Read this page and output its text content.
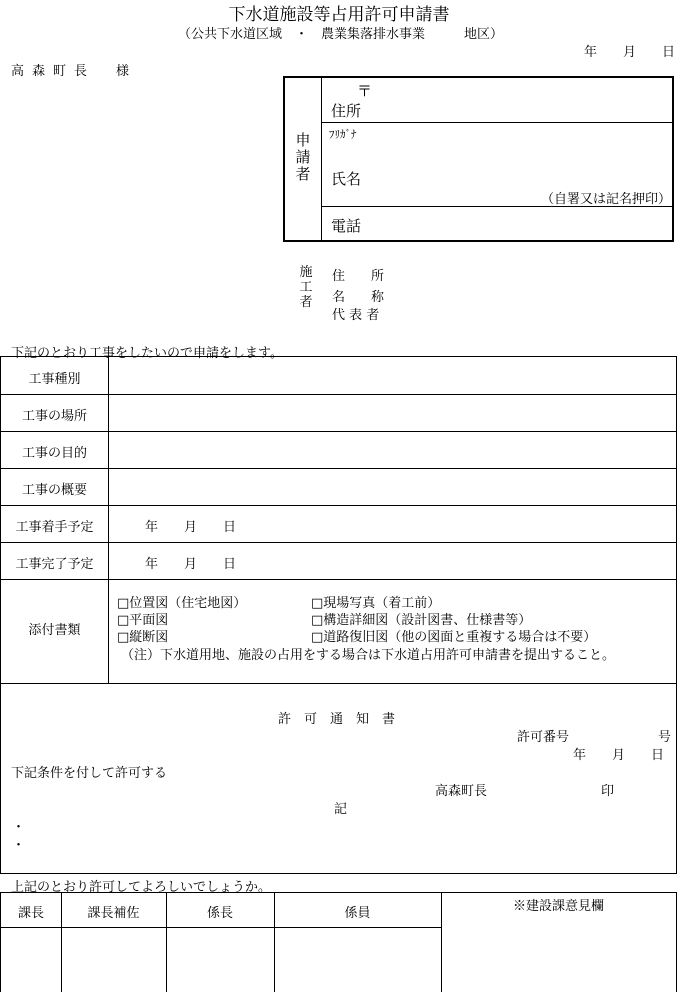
下水道施設等占用許可申請書
（公共下水道区域　・　農業集落排水事業　　　地区）
年　　月　　日
高森町長　様
申請者
〒
住所
ﾌﾘｶﾞﾅ
氏名
（自署又は記名押印）
電話
施工者
住　　所
名　　称
代 表 者
下記のとおり工事をしたいので申請をします。
工事種別
工事の場所
工事の目的
工事の概要
工事着手予定	年　　月　　日
工事完了予定	年　　月　　日
添付書類
□位置図（住宅地図）	□現場写真（着工前）
□平面図	□構造詳細図（設計図書、仕様書等）
□縦断図	□道路復旧図（他の図面と重複する場合は不要）
（注）下水道用地、施設の占用をする場合は下水道占用許可申請書を提出すること。
許　可　通　知　書
許可番号	号
年　　月　　日
下記条件を付して許可する
高森町長	印
記
・
・
上記のとおり許可してよろしいでしょうか。
課長	課長補佐	係長	係員	※建設課意見欄
